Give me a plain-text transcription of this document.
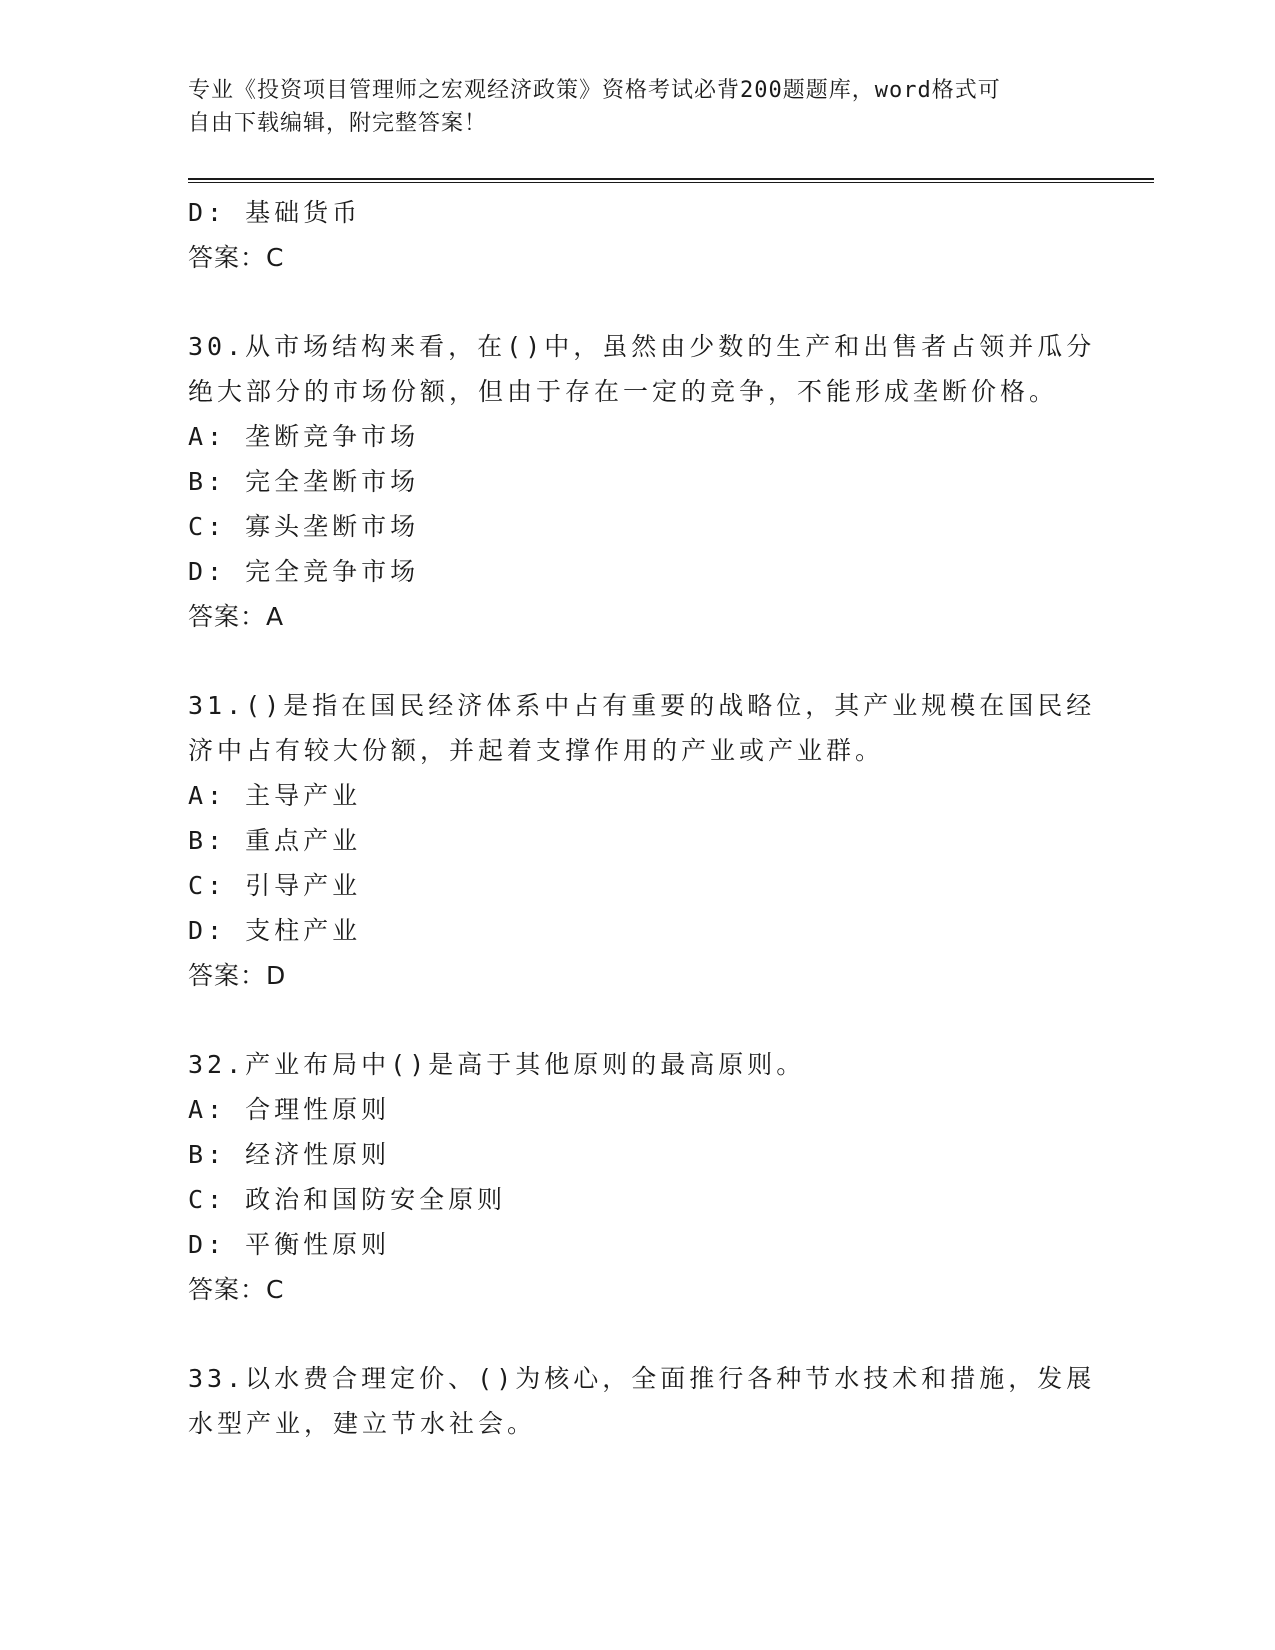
专业《投资项目管理师之宏观经济政策》资格考试必背200题题库，word格式可
自由下载编辑，附完整答案！
D: 基础货币
答案：C
30.从市场结构来看，在()中，虽然由少数的生产和出售者占领并瓜分
绝大部分的市场份额，但由于存在一定的竞争，不能形成垄断价格。
A: 垄断竞争市场
B: 完全垄断市场
C: 寡头垄断市场
D: 完全竞争市场
答案：A
31.()是指在国民经济体系中占有重要的战略位，其产业规模在国民经
济中占有较大份额，并起着支撑作用的产业或产业群。
A: 主导产业
B: 重点产业
C: 引导产业
D: 支柱产业
答案：D
32.产业布局中()是高于其他原则的最高原则。
A: 合理性原则
B: 经济性原则
C: 政治和国防安全原则
D: 平衡性原则
答案：C
33.以水费合理定价、()为核心，全面推行各种节水技术和措施，发展
水型产业，建立节水社会。
